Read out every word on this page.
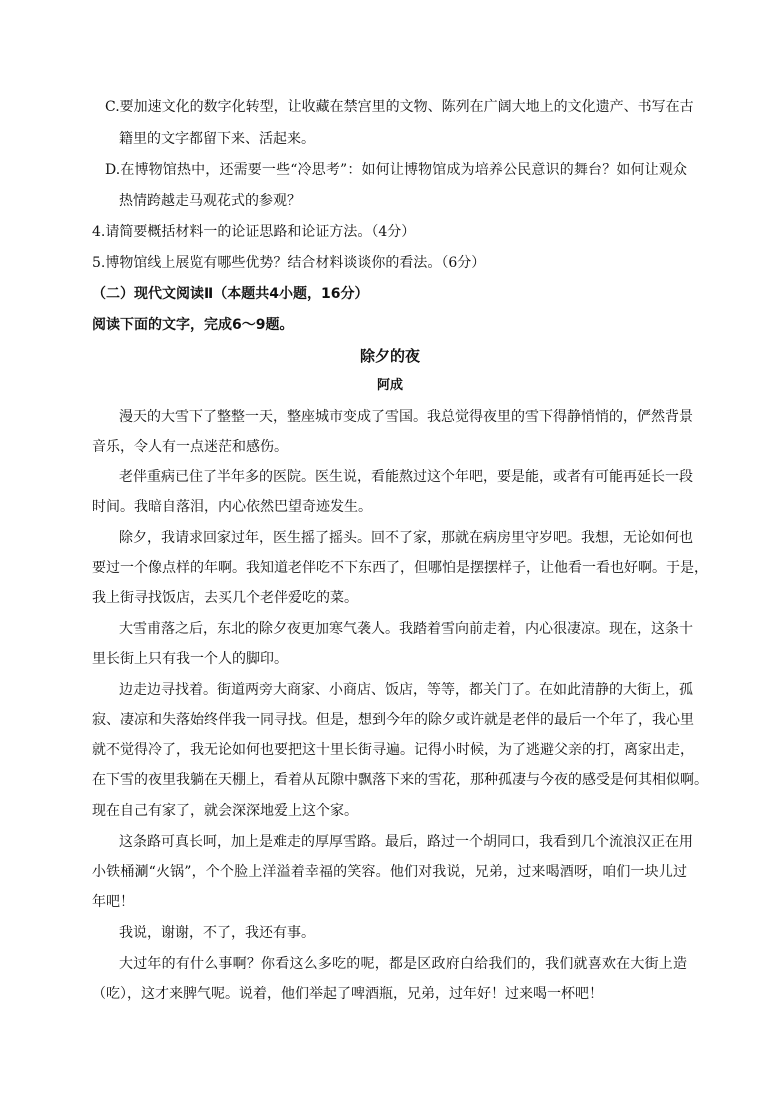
C.要加速文化的数字化转型，让收藏在禁宫里的文物、陈列在广阔大地上的文化遗产、书写在古
籍里的文字都留下来、活起来。
D.在博物馆热中，还需要一些“冷思考”：如何让博物馆成为培养公民意识的舞台？如何让观众
热情跨越走马观花式的参观？
4.请简要概括材料一的论证思路和论证方法。（4分）
5.博物馆线上展览有哪些优势？结合材料谈谈你的看法。（6分）
（二）现代文阅读Ⅱ（本题共4小题，16分）
阅读下面的文字，完成6～9题。
除夕的夜
阿成
漫天的大雪下了整整一天，整座城市变成了雪国。我总觉得夜里的雪下得静悄悄的，俨然背景
音乐，令人有一点迷茫和感伤。
老伴重病已住了半年多的医院。医生说，看能熬过这个年吧，要是能，或者有可能再延长一段
时间。我暗自落泪，内心依然巴望奇迹发生。
除夕，我请求回家过年，医生摇了摇头。回不了家，那就在病房里守岁吧。我想，无论如何也
要过一个像点样的年啊。我知道老伴吃不下东西了，但哪怕是摆摆样子，让他看一看也好啊。于是，
我上街寻找饭店，去买几个老伴爱吃的菜。
大雪甫落之后，东北的除夕夜更加寒气袭人。我踏着雪向前走着，内心很凄凉。现在，这条十
里长街上只有我一个人的脚印。
边走边寻找着。街道两旁大商家、小商店、饭店，等等，都关门了。在如此清静的大街上，孤
寂、凄凉和失落始终伴我一同寻找。但是，想到今年的除夕或许就是老伴的最后一个年了，我心里
就不觉得冷了，我无论如何也要把这十里长街寻遍。记得小时候，为了逃避父亲的打，离家出走，
在下雪的夜里我躺在天棚上，看着从瓦隙中飘落下来的雪花，那种孤凄与今夜的感受是何其相似啊。
现在自己有家了，就会深深地爱上这个家。
这条路可真长呵，加上是难走的厚厚雪路。最后，路过一个胡同口，我看到几个流浪汉正在用
小铁桶涮“火锅”，个个脸上洋溢着幸福的笑容。他们对我说，兄弟，过来喝酒呀，咱们一块儿过
年吧！
我说，谢谢，不了，我还有事。
大过年的有什么事啊？你看这么多吃的呢，都是区政府白给我们的，我们就喜欢在大街上造
（吃），这才来脾气呢。说着，他们举起了啤酒瓶，兄弟，过年好！过来喝一杯吧！
